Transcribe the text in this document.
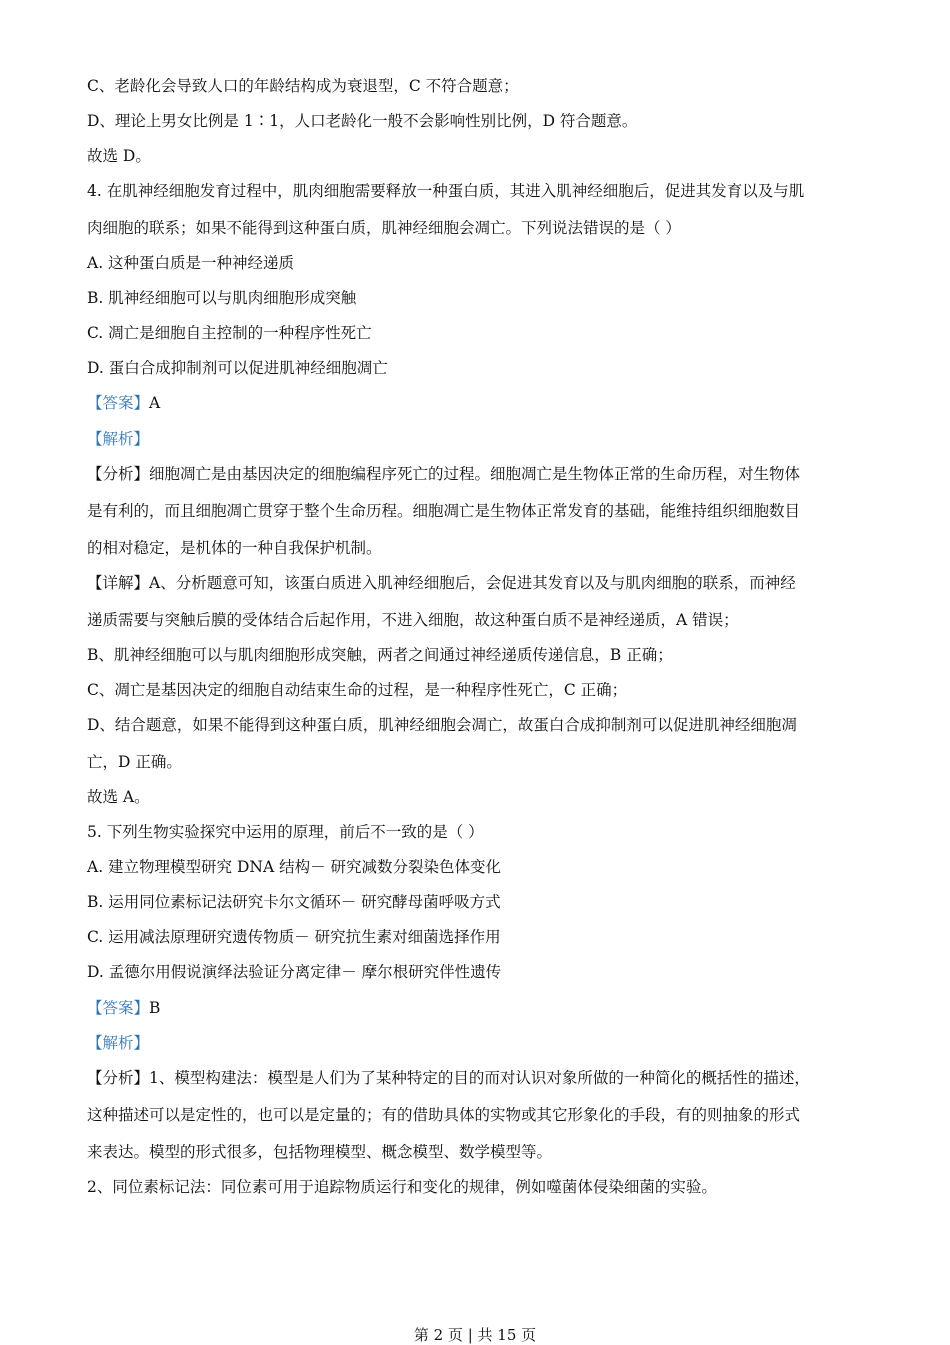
C、老龄化会导致人口的年龄结构成为衰退型，C 不符合题意；
D、理论上男女比例是 1∶1，人口老龄化一般不会影响性别比例，D 符合题意。
故选 D。
4. 在肌神经细胞发育过程中，肌肉细胞需要释放一种蛋白质，其进入肌神经细胞后，促进其发育以及与肌
肉细胞的联系；如果不能得到这种蛋白质，肌神经细胞会凋亡。下列说法错误的是（ ）
A. 这种蛋白质是一种神经递质
B. 肌神经细胞可以与肌肉细胞形成突触
C. 凋亡是细胞自主控制的一种程序性死亡
D. 蛋白合成抑制剂可以促进肌神经细胞凋亡
【答案】A
【解析】
【分析】细胞凋亡是由基因决定的细胞编程序死亡的过程。细胞凋亡是生物体正常的生命历程，对生物体
是有利的，而且细胞凋亡贯穿于整个生命历程。细胞凋亡是生物体正常发育的基础，能维持组织细胞数目
的相对稳定，是机体的一种自我保护机制。
【详解】A、分析题意可知，该蛋白质进入肌神经细胞后，会促进其发育以及与肌肉细胞的联系，而神经
递质需要与突触后膜的受体结合后起作用，不进入细胞，故这种蛋白质不是神经递质，A 错误；
B、肌神经细胞可以与肌肉细胞形成突触，两者之间通过神经递质传递信息，B 正确；
C、凋亡是基因决定的细胞自动结束生命的过程，是一种程序性死亡，C 正确；
D、结合题意，如果不能得到这种蛋白质，肌神经细胞会凋亡，故蛋白合成抑制剂可以促进肌神经细胞凋
亡，D 正确。
故选 A。
5. 下列生物实验探究中运用的原理，前后不一致的是（ ）
A. 建立物理模型研究 DNA 结构－ 研究减数分裂染色体变化
B. 运用同位素标记法研究卡尔文循环－ 研究酵母菌呼吸方式
C. 运用减法原理研究遗传物质－ 研究抗生素对细菌选择作用
D. 孟德尔用假说演绎法验证分离定律－ 摩尔根研究伴性遗传
【答案】B
【解析】
【分析】1、模型构建法：模型是人们为了某种特定的目的而对认识对象所做的一种简化的概括性的描述，
这种描述可以是定性的，也可以是定量的；有的借助具体的实物或其它形象化的手段，有的则抽象的形式
来表达。模型的形式很多，包括物理模型、概念模型、数学模型等。
2、同位素标记法：同位素可用于追踪物质运行和变化的规律，例如噬菌体侵染细菌的实验。
第 2 页 | 共 15 页
